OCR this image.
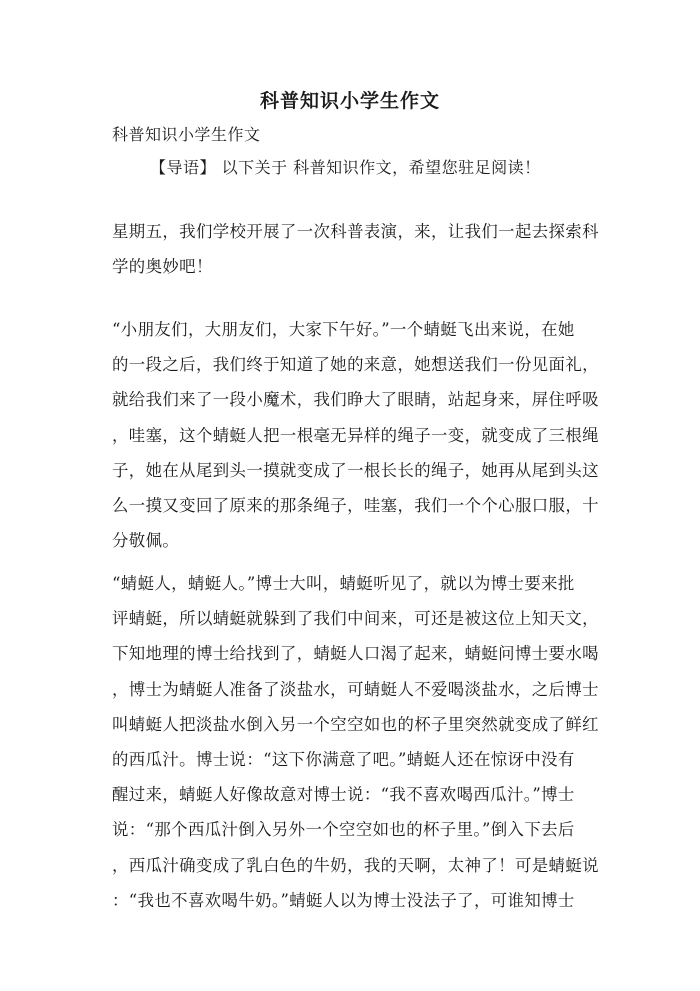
科普知识小学生作文
科普知识小学生作文
【导语】 以下关于 科普知识作文，希望您驻足阅读！
星期五，我们学校开展了一次科普表演，来，让我们一起去探索科
学的奥妙吧！
“小朋友们，大朋友们，大家下午好。”一个蜻蜓飞出来说，在她
的一段之后，我们终于知道了她的来意，她想送我们一份见面礼，
就给我们来了一段小魔术，我们睁大了眼睛，站起身来，屏住呼吸
，哇塞，这个蜻蜓人把一根毫无异样的绳子一变，就变成了三根绳
子，她在从尾到头一摸就变成了一根长长的绳子，她再从尾到头这
么一摸又变回了原来的那条绳子，哇塞，我们一个个心服口服，十
分敬佩。
“蜻蜓人，蜻蜓人。”博士大叫，蜻蜓听见了，就以为博士要来批
评蜻蜓，所以蜻蜓就躲到了我们中间来，可还是被这位上知天文，
下知地理的博士给找到了，蜻蜓人口渴了起来，蜻蜓问博士要水喝
，博士为蜻蜓人准备了淡盐水，可蜻蜓人不爱喝淡盐水，之后博士
叫蜻蜓人把淡盐水倒入另一个空空如也的杯子里突然就变成了鲜红
的西瓜汁。博士说：“这下你满意了吧。”蜻蜓人还在惊讶中没有
醒过来，蜻蜓人好像故意对博士说：“我不喜欢喝西瓜汁。”博士
说：“那个西瓜汁倒入另外一个空空如也的杯子里。”倒入下去后
，西瓜汁确变成了乳白色的牛奶，我的天啊，太神了！可是蜻蜓说
：“我也不喜欢喝牛奶。”蜻蜓人以为博士没法子了，可谁知博士
